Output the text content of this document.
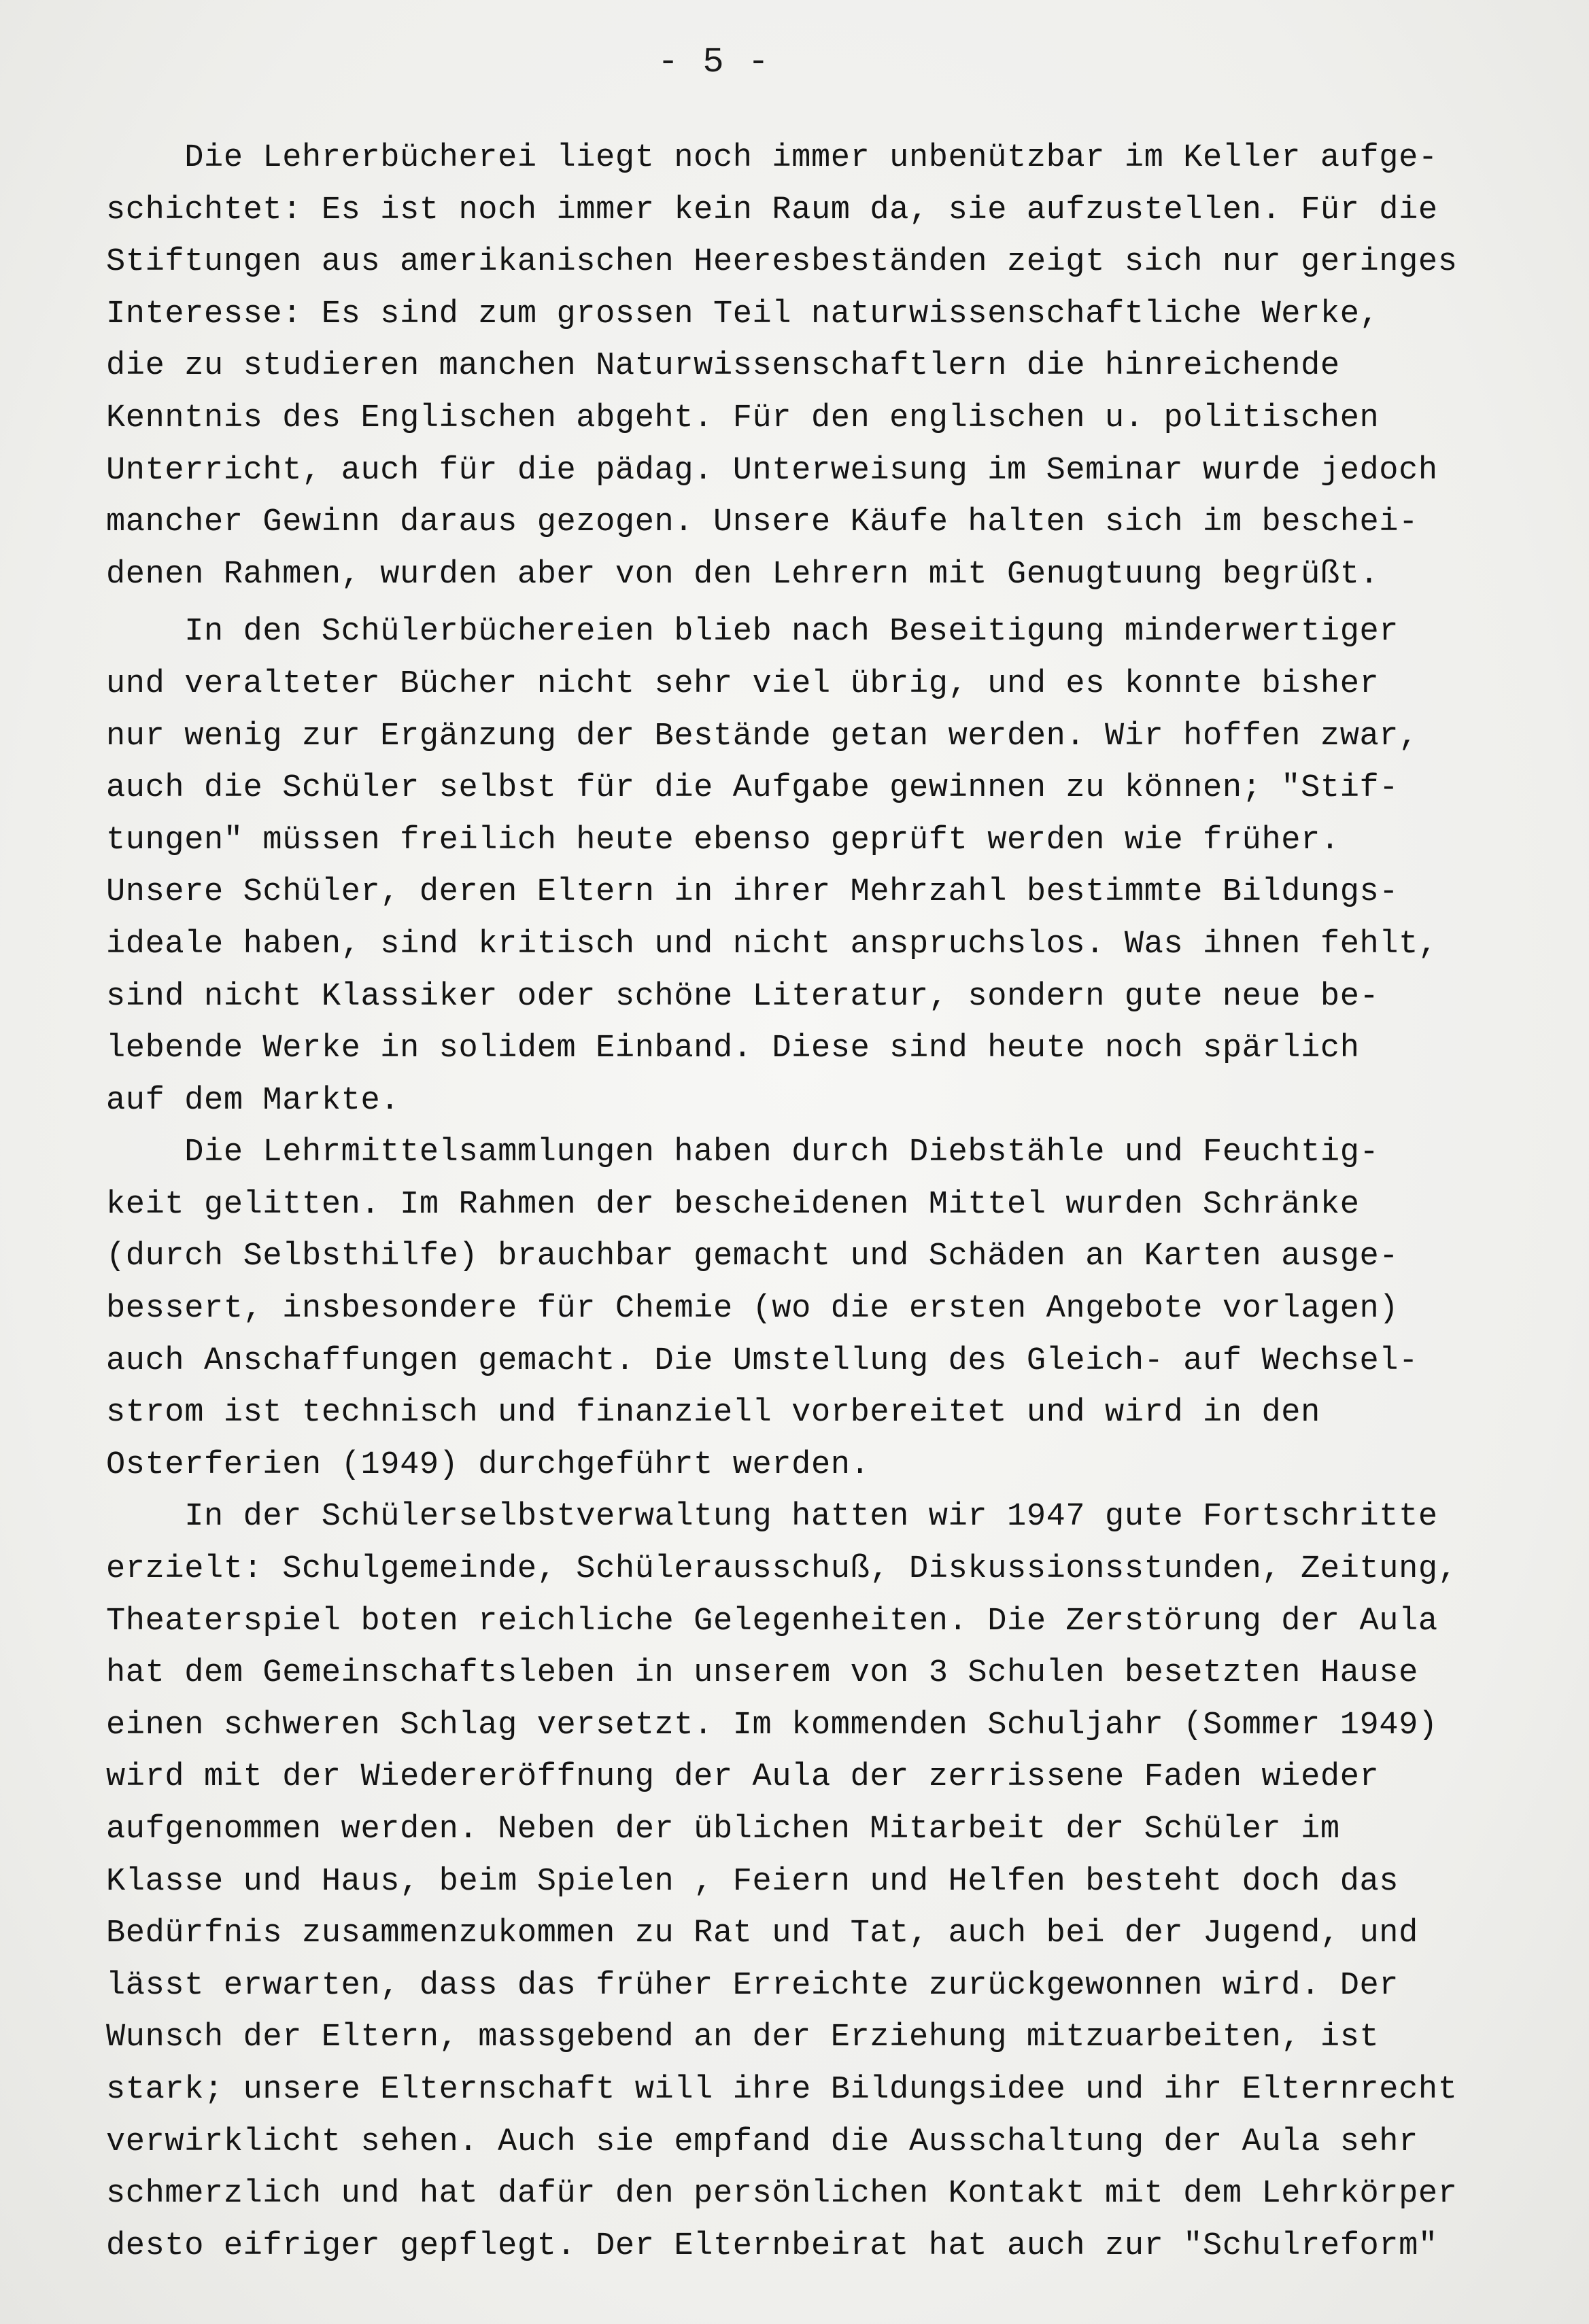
- 5 -
Die Lehrerbücherei liegt noch immer unbenützbar im Keller aufge-
schichtet: Es ist noch immer kein Raum da, sie aufzustellen. Für die
Stiftungen aus amerikanischen Heeresbeständen zeigt sich nur geringes
Interesse: Es sind zum grossen Teil naturwissenschaftliche Werke,
die zu studieren manchen Naturwissenschaftlern die hinreichende
Kenntnis des Englischen abgeht. Für den englischen u. politischen
Unterricht, auch für die pädag. Unterweisung im Seminar wurde jedoch
mancher Gewinn daraus gezogen. Unsere Käufe halten sich im beschei-
denen Rahmen, wurden aber von den Lehrern mit Genugtuung begrüßt.
In den Schülerbüchereien blieb nach Beseitigung minderwertiger
und veralteter Bücher nicht sehr viel übrig, und es konnte bisher
nur wenig zur Ergänzung der Bestände getan werden. Wir hoffen zwar,
auch die Schüler selbst für die Aufgabe gewinnen zu können; "Stif-
tungen" müssen freilich heute ebenso geprüft werden wie früher.
Unsere Schüler, deren Eltern in ihrer Mehrzahl bestimmte Bildungs-
ideale haben, sind kritisch und nicht anspruchslos. Was ihnen fehlt,
sind nicht Klassiker oder schöne Literatur, sondern gute neue be-
lebende Werke in solidem Einband. Diese sind heute noch spärlich
auf dem Markte.
Die Lehrmittelsammlungen haben durch Diebstähle und Feuchtig-
keit gelitten. Im Rahmen der bescheidenen Mittel wurden Schränke
(durch Selbsthilfe) brauchbar gemacht und Schäden an Karten ausge-
bessert, insbesondere für Chemie (wo die ersten Angebote vorlagen)
auch Anschaffungen gemacht. Die Umstellung des Gleich- auf Wechsel-
strom ist technisch und finanziell vorbereitet und wird in den
Osterferien (1949) durchgeführt werden.
In der Schülerselbstverwaltung hatten wir 1947 gute Fortschritte
erzielt: Schulgemeinde, Schülerausschuß, Diskussionsstunden, Zeitung,
Theaterspiel boten reichliche Gelegenheiten. Die Zerstörung der Aula
hat dem Gemeinschaftsleben in unserem von 3 Schulen besetzten Hause
einen schweren Schlag versetzt. Im kommenden Schuljahr (Sommer 1949)
wird mit der Wiedereröffnung der Aula der zerrissene Faden wieder
aufgenommen werden. Neben der üblichen Mitarbeit der Schüler im
Klasse und Haus, beim Spielen , Feiern und Helfen besteht doch das
Bedürfnis zusammenzukommen zu Rat und Tat, auch bei der Jugend, und
lässt erwarten, dass das früher Erreichte zurückgewonnen wird. Der
Wunsch der Eltern, massgebend an der Erziehung mitzuarbeiten, ist
stark; unsere Elternschaft will ihre Bildungsidee und ihr Elternrecht
verwirklicht sehen. Auch sie empfand die Ausschaltung der Aula sehr
schmerzlich und hat dafür den persönlichen Kontakt mit dem Lehrkörper
desto eifriger gepflegt. Der Elternbeirat hat auch zur "Schulreform"
